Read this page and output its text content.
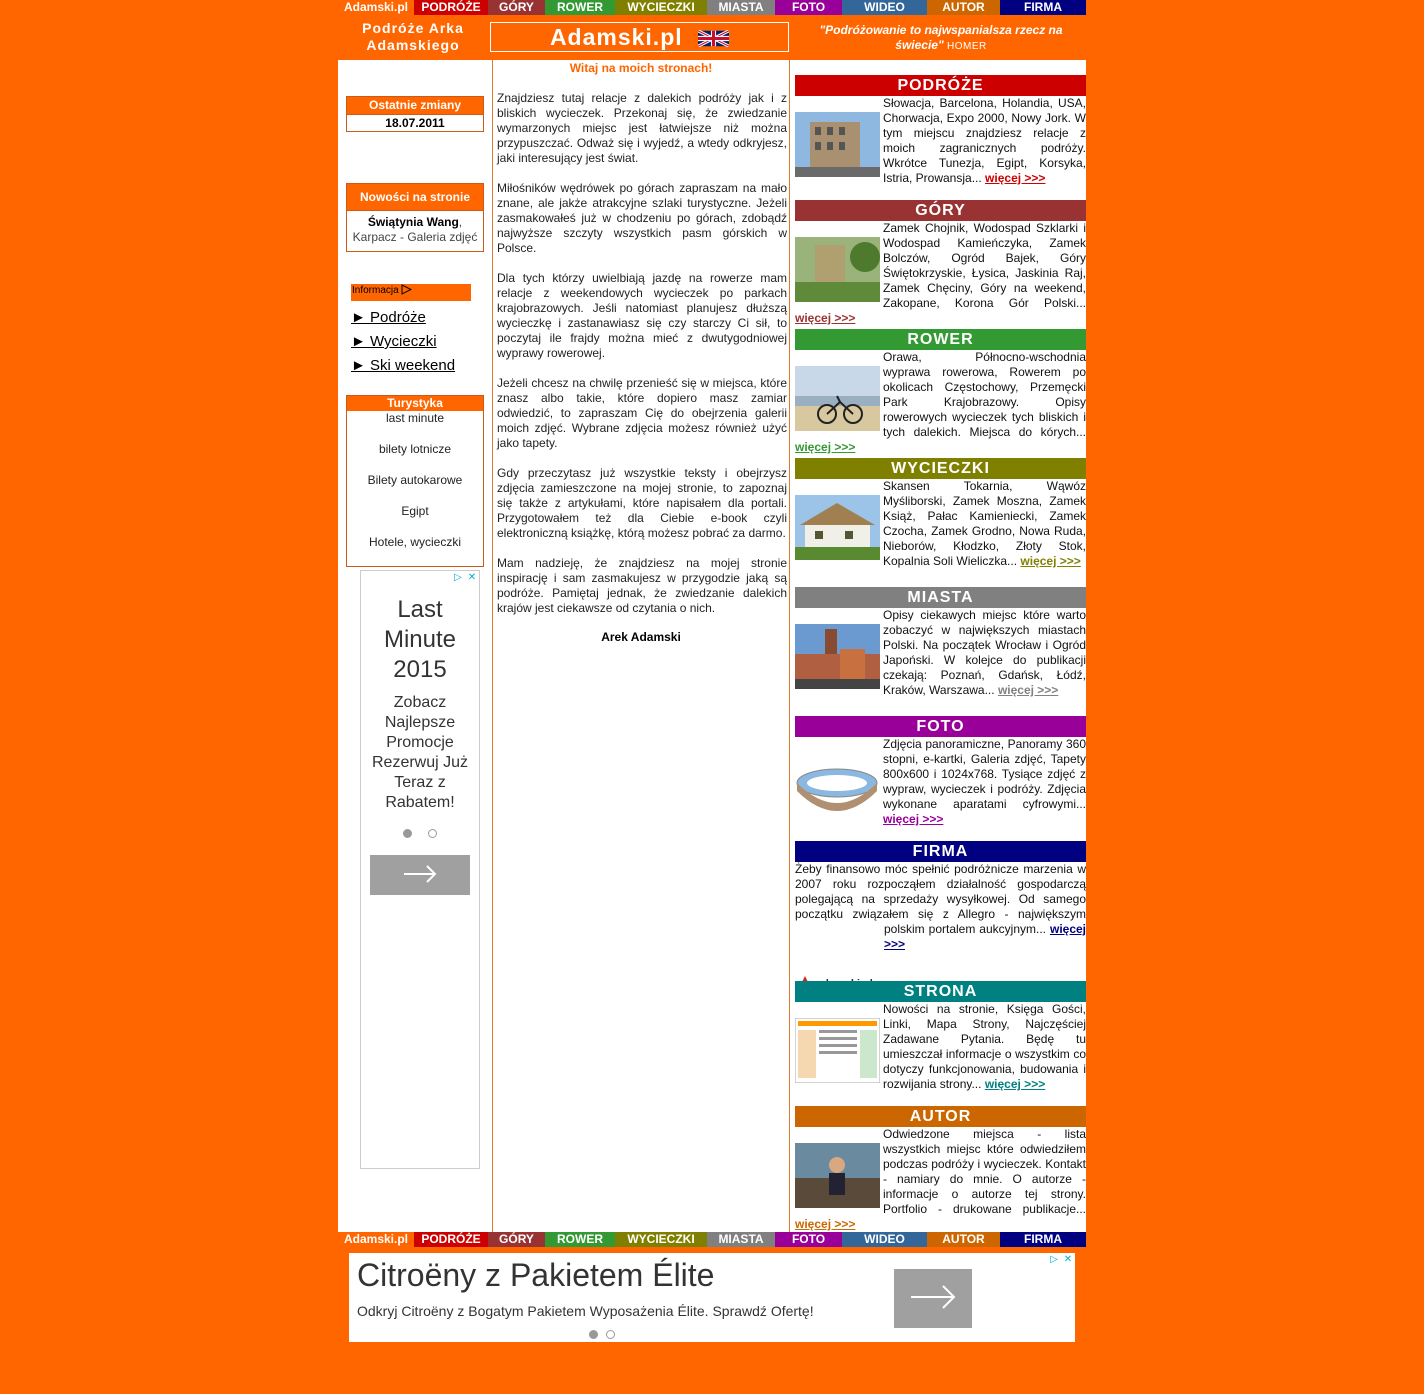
Adamski.pl	PODRÓŻE	GÓRY	ROWER	WYCIECZKI	MIASTA	FOTO	WIDEO	AUTOR	FIRMA
Podróże Arka Adamskiego	Adamski.pl	"Podróżowanie to najwspanialsza rzecz na świecie" HOMER
Ostatnie zmiany
18.07.2011
Nowości na stronie
Świątynia Wang, Karpacz - Galeria zdjęć
Informacja
► Podróże
► Wycieczki
► Ski weekend
Turystyka
last minute
bilety lotnicze
Bilety autokarowe
Egipt
Hotele, wycieczki
▷ ✕
Last Minute 2015
Zobacz Najlepsze Promocje Rezerwuj Już Teraz z Rabatem!
Witaj na moich stronach!

Znajdziesz tutaj relacje z dalekich podróży jak i z bliskich wycieczek. Przekonaj się, że zwiedzanie wymarzonych miejsc jest łatwiejsze niż można przypuszczać. Odważ się i wyjedź, a wtedy odkryjesz, jaki interesujący jest świat.

Miłośników wędrówek po górach zapraszam na mało znane, ale jakże atrakcyjne szlaki turystyczne. Jeżeli zasmakowałeś już w chodzeniu po górach, zdobądź najwyższe szczyty wszystkich pasm górskich w Polsce.

Dla tych którzy uwielbiają jazdę na rowerze mam relacje z weekendowych wycieczek po parkach krajobrazowych. Jeśli natomiast planujesz dłuższą wycieczkę i zastanawiasz się czy starczy Ci sił, to poczytaj ile frajdy można mieć z dwutygodniowej wyprawy rowerowej.

Jeżeli chcesz na chwilę przenieść się w miejsca, które znasz albo takie, które dopiero masz zamiar odwiedzić, to zapraszam Cię do obejrzenia galerii moich zdjęć. Wybrane zdjęcia możesz również użyć jako tapety.

Gdy przeczytasz już wszystkie teksty i obejrzysz zdjęcia zamieszczone na mojej stronie, to zapoznaj się także z artykułami, które napisałem dla portali. Przygotowałem też dla Ciebie e-book czyli elektroniczną książkę, którą możesz pobrać za darmo.

Mam nadzieję, że znajdziesz na mojej stronie inspirację i sam zasmakujesz w przygodzie jaką są podróże. Pamiętaj jednak, że zwiedzanie dalekich krajów jest ciekawsze od czytania o nich.

Arek Adamski
PODRÓŻE
Słowacja, Barcelona, Holandia, USA, Chorwacja, Expo 2000, Nowy Jork. W tym miejscu znajdziesz relacje z moich zagranicznych podróży. Wkrótce Tunezja, Egipt, Korsyka, Istria, Prowansja... więcej >>>
GÓRY
Zamek Chojnik, Wodospad Szklarki i Wodospad Kamieńczyka, Zamek Bolczów, Ogród Bajek, Góry Świętokrzyskie, Łysica, Jaskinia Raj, Zamek Chęciny, Góry na weekend, Zakopane, Korona Gór Polski... więcej >>>
ROWER
Orawa, Północno-wschodnia wyprawa rowerowa, Rowerem po okolicach Częstochowy, Przemęcki Park Krajobrazowy. Opisy rowerowych wycieczek tych bliskich i tych dalekich. Miejsca do kórych... więcej >>>
WYCIECZKI
Skansen Tokarnia, Wąwóz Myśliborski, Zamek Moszna, Zamek Książ, Pałac Kamieniecki, Zamek Czocha, Zamek Grodno, Nowa Ruda, Nieborów, Kłodzko, Złoty Stok, Kopalnia Soli Wieliczka... więcej >>>
MIASTA
Opisy ciekawych miejsc które warto zobaczyć w największych miastach Polski. Na początek Wrocław i Ogród Japoński. W kolejce do publikacji czekają: Poznań, Gdańsk, Łódź, Kraków, Warszawa... więcej >>>
FOTO
Zdjęcia panoramiczne, Panoramy 360 stopni, e-kartki, Galeria zdjęć, Tapety 800x600 i 1024x768. Tysiące zdjęć z wypraw, wycieczek i podróży. Zdjęcia wykonane aparatami cyfrowymi... więcej >>>
FIRMA
Żeby finansowo móc spełnić podróżnicze marzenia w 2007 roku rozpocząłem działalność gospodarczą polegającą na sprzedaży wysyłkowej. Od samego początku związałem się z Allegro - największym polskim portalem aukcyjnym... więcej >>>
STRONA
Nowości na stronie, Księga Gości, Linki, Mapa Strony, Najczęściej Zadawane Pytania. Będę tu umieszczał informacje o wszystkim co dotyczy funkcjonowania, budowania i rozwijania strony... więcej >>>
AUTOR
Odwiedzone miejsca - lista wszystkich miejsc które odwiedziłem podczas podróży i wycieczek. Kontakt - namiary do mnie. O autorze - informacje o autorze tej strony. Portfolio - drukowane publikacje... więcej >>>
Adamski.pl	PODRÓŻE	GÓRY	ROWER	WYCIECZKI	MIASTA	FOTO	WIDEO	AUTOR	FIRMA
▷ ✕
Citroëny z Pakietem Élite
Odkryj Citroëny z Bogatym Pakietem Wyposażenia Élite. Sprawdź Ofertę!
